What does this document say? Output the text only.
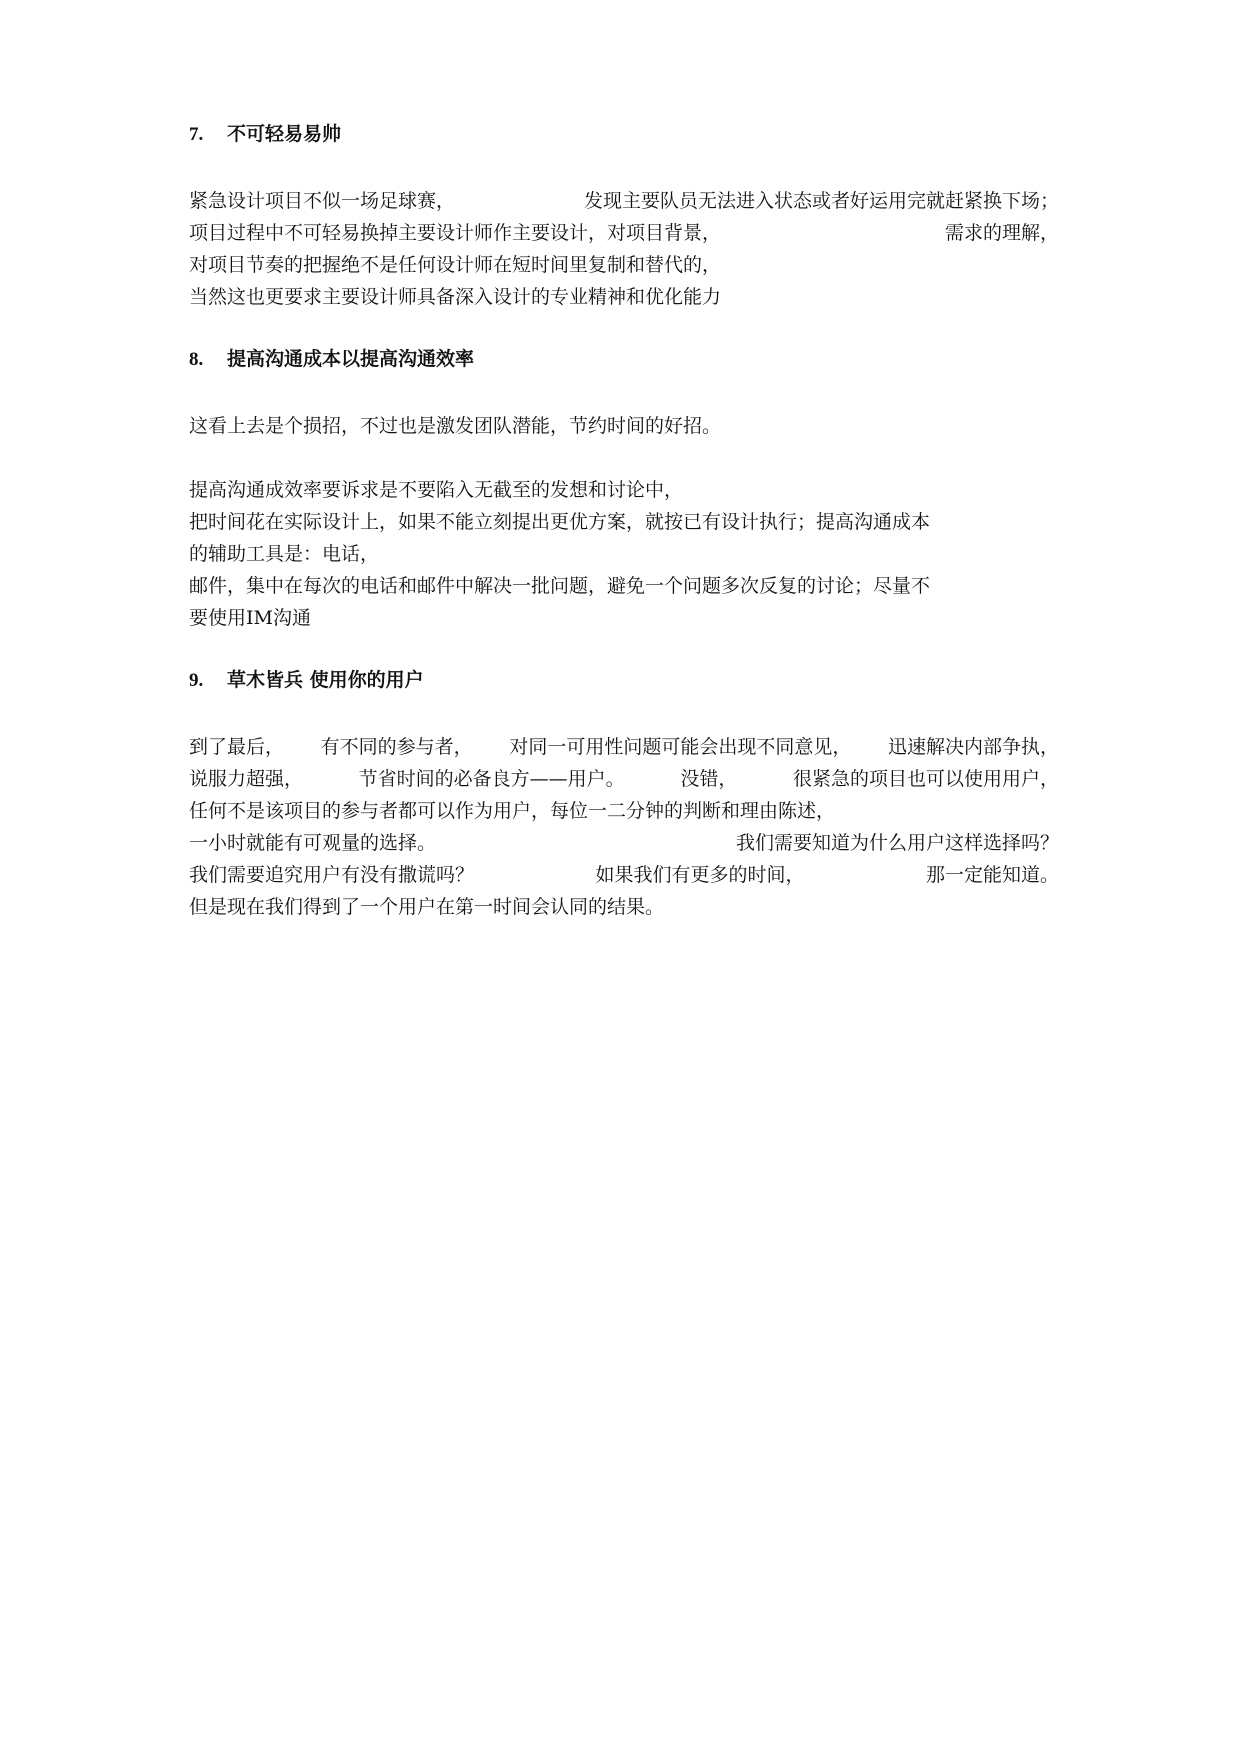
7. 不可轻易易帅
紧急设计项目不似一场足球赛，	发现主要队员无法进入状态或者好运用完就赶紧换下场；
项目过程中不可轻易换掉主要设计师作主要设计，对项目背景，	需求的理解，
对项目节奏的把握绝不是任何设计师在短时间里复制和替代的，
当然这也更要求主要设计师具备深入设计的专业精神和优化能力
8. 提高沟通成本以提高沟通效率
这看上去是个损招，不过也是激发团队潜能，节约时间的好招。
提高沟通成效率要诉求是不要陷入无截至的发想和讨论中，
把时间花在实际设计上，如果不能立刻提出更优方案，就按已有设计执行；提高沟通成本
的辅助工具是：电话，
邮件，集中在每次的电话和邮件中解决一批问题，避免一个问题多次反复的讨论；尽量不
要使用IM沟通
9. 草木皆兵 使用你的用户
到了最后， 有不同的参与者， 对同一可用性问题可能会出现不同意见， 迅速解决内部争执，
说服力超强，	节省时间的必备良方——用户。	没错，	很紧急的项目也可以使用用户，
任何不是该项目的参与者都可以作为用户，每位一二分钟的判断和理由陈述，
一小时就能有可观量的选择。	我们需要知道为什么用户这样选择吗？
我们需要追究用户有没有撒谎吗？	如果我们有更多的时间，	那一定能知道。
但是现在我们得到了一个用户在第一时间会认同的结果。
